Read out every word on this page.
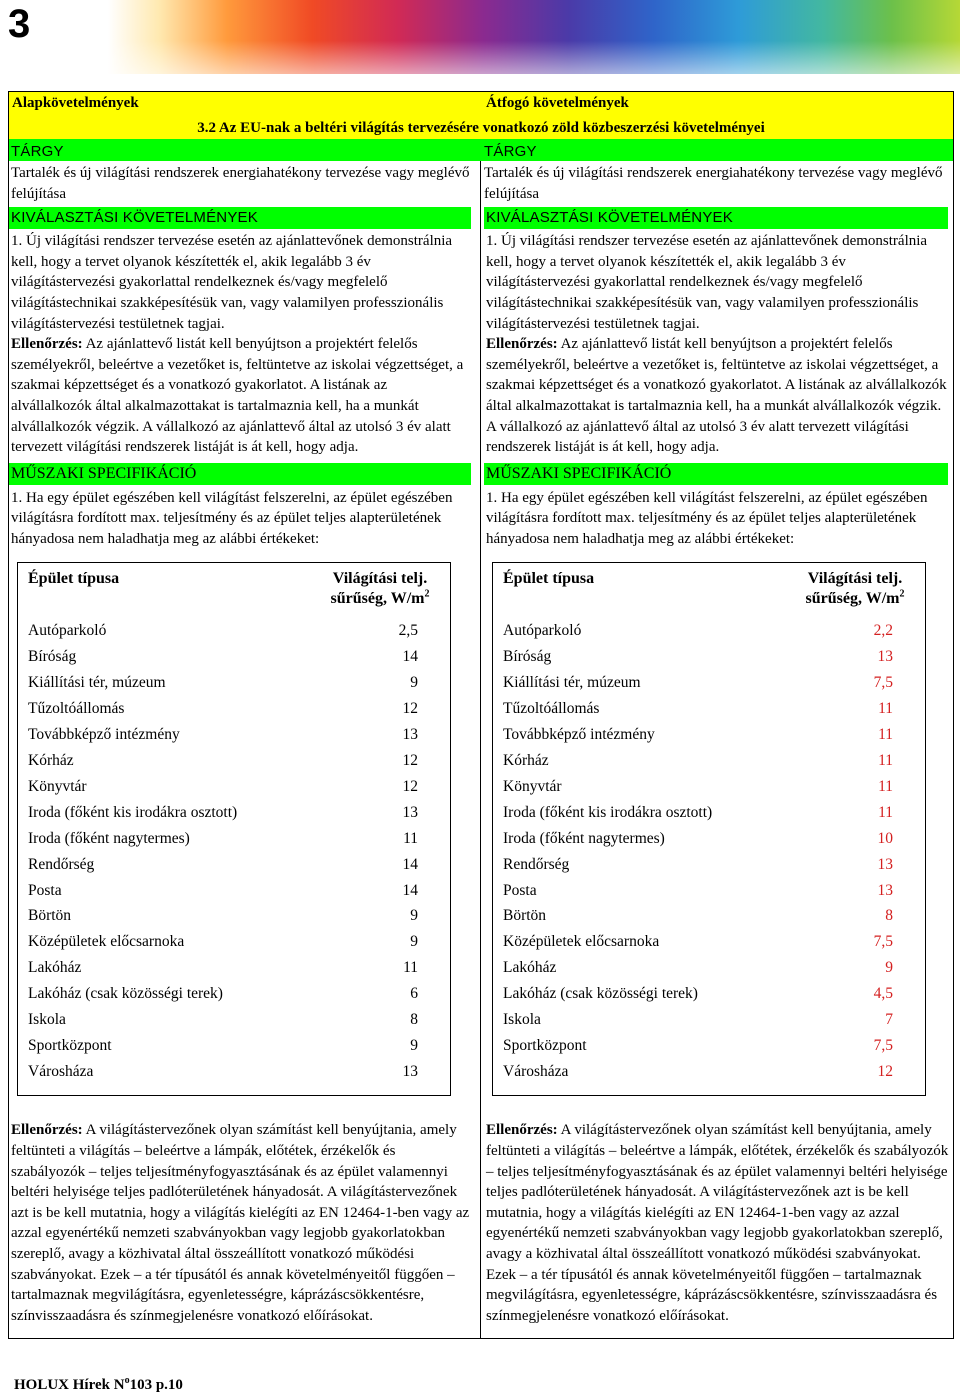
3
Alapkövetelmények	Átfogó követelmények
3.2 Az EU-nak a beltéri világítás tervezésére vonatkozó zöld közbeszerzési követelményei
TÁRGY

Tartalék és új világítási rendszerek energiahatékony tervezése vagy meglévő felújítása

KIVÁLASZTÁSI KÖVETELMÉNYEK

1. Új világítási rendszer tervezése esetén az ajánlattevőnek demonstrálnia kell, hogy a tervet olyanok készítették el, akik legalább 3 év világítástervezési gyakorlattal rendelkeznek és/vagy megfelelő világítástechnikai szakképesítésük van, vagy valamilyen professzionális világítástervezési testületnek tagjai.

Ellenőrzés: Az ajánlattevő listát kell benyújtson a projektért felelős személyekről, beleértve a vezetőket is, feltüntetve az iskolai végzettséget, a szakmai képzettséget és a vonatkozó gyakorlatot. A listának az alvállalkozók által alkalmazottakat is tartalmaznia kell, ha a munkát alvállalkozók végzik. A vállalkozó az ajánlattevő által az utolsó 3 év alatt tervezett világítási rendszerek listáját is át kell, hogy adja.

MŰSZAKI SPECIFIKÁCIÓ

1. Ha egy épület egészében kell világítást felszerelni, az épület egészében világításra fordított max. teljesítmény és az épület teljes alapterületének hányadosa nem haladhatja meg az alábbi értékeket:

Épület típusa	Világítási telj.
sűrűség, $W/m^2$
Autóparkoló	2,5
Bíróság	14
Kiállítási tér, múzeum	9
Tűzoltóállomás	12
Továbbképző intézmény	13
Kórház	12
Könyvtár	12
Iroda (főként kis irodákra osztott)	13
Iroda (főként nagytermes)	11
Rendőrség	14
Posta	14
Börtön	9
Középületek előcsarnoka	9
Lakóház	11
Lakóház (csak közösségi terek)	6
Iskola	8
Sportközpont	9
Városháza	13

Ellenőrzés: A világítástervezőnek olyan számítást kell benyújtania, amely feltünteti a világítás – beleértve a lámpák, előtétek, érzékelők és szabályozók – teljes teljesítményfogyasztásának és az épület valamennyi beltéri helyisége teljes padlóterületének hányadosát. A világítástervezőnek azt is be kell mutatnia, hogy a világítás kielégíti az EN 12464-1-ben vagy az azzal egyenértékű nemzeti szabványokban vagy legjobb gyakorlatokban szereplő, avagy a közhivatal által összeállított vonatkozó működési szabványokat. Ezek – a tér típusától és annak követelményeitől függően – tartalmaznak megvilágításra, egyenletességre, káprázáscsökkentésre, színvisszaadásra és színmegjelenésre vonatkozó előírásokat.

TÁRGY

Tartalék és új világítási rendszerek energiahatékony tervezése vagy meglévő felújítása

KIVÁLASZTÁSI KÖVETELMÉNYEK

1. Új világítási rendszer tervezése esetén az ajánlattevőnek demonstrálnia kell, hogy a tervet olyanok készítették el, akik legalább 3 év világítástervezési gyakorlattal rendelkeznek és/vagy megfelelő világítástechnikai szakképesítésük van, vagy valamilyen professzionális világítástervezési testületnek tagjai.

Ellenőrzés: Az ajánlattevő listát kell benyújtson a projektért felelős személyekről, beleértve a vezetőket is, feltüntetve az iskolai végzettséget, a szakmai képzettséget és a vonatkozó gyakorlatot. A listának az alvállalkozók által alkalmazottakat is tartalmaznia kell, ha a munkát alvállalkozók végzik. A vállalkozó az ajánlattevő által az utolsó 3 év alatt tervezett világítási rendszerek listáját is át kell, hogy adja.

MŰSZAKI SPECIFIKÁCIÓ

1. Ha egy épület egészében kell világítást felszerelni, az épület egészében világításra fordított max. teljesítmény és az épület teljes alapterületének hányadosa nem haladhatja meg az alábbi értékeket:

Épület típusa	Világítási telj.
sűrűség, $W/m^2$
Autóparkoló	2,2
Bíróság	13
Kiállítási tér, múzeum	7,5
Tűzoltóállomás	11
Továbbképző intézmény	11
Kórház	11
Könyvtár	11
Iroda (főként kis irodákra osztott)	11
Iroda (főként nagytermes)	10
Rendőrség	13
Posta	13
Börtön	8
Középületek előcsarnoka	7,5
Lakóház	9
Lakóház (csak közösségi terek)	4,5
Iskola	7
Sportközpont	7,5
Városháza	12

Ellenőrzés: A világítástervezőnek olyan számítást kell benyújtania, amely feltünteti a világítás – beleértve a lámpák, előtétek, érzékelők és szabályozók – teljes teljesítményfogyasztásának és az épület valamennyi beltéri helyisége teljes padlóterületének hányadosát. A világítástervezőnek azt is be kell mutatnia, hogy a világítás kielégíti az EN 12464-1-ben vagy az azzal egyenértékű nemzeti szabványokban vagy legjobb gyakorlatokban szereplő, avagy a közhivatal által összeállított vonatkozó működési szabványokat. Ezek – a tér típusától és annak követelményeitől függően – tartalmaznak megvilágításra, egyenletességre, káprázáscsökkentésre, színvisszaadásra és színmegjelenésre vonatkozó előírásokat.

HOLUX Hírek $N^o103$ p.10
